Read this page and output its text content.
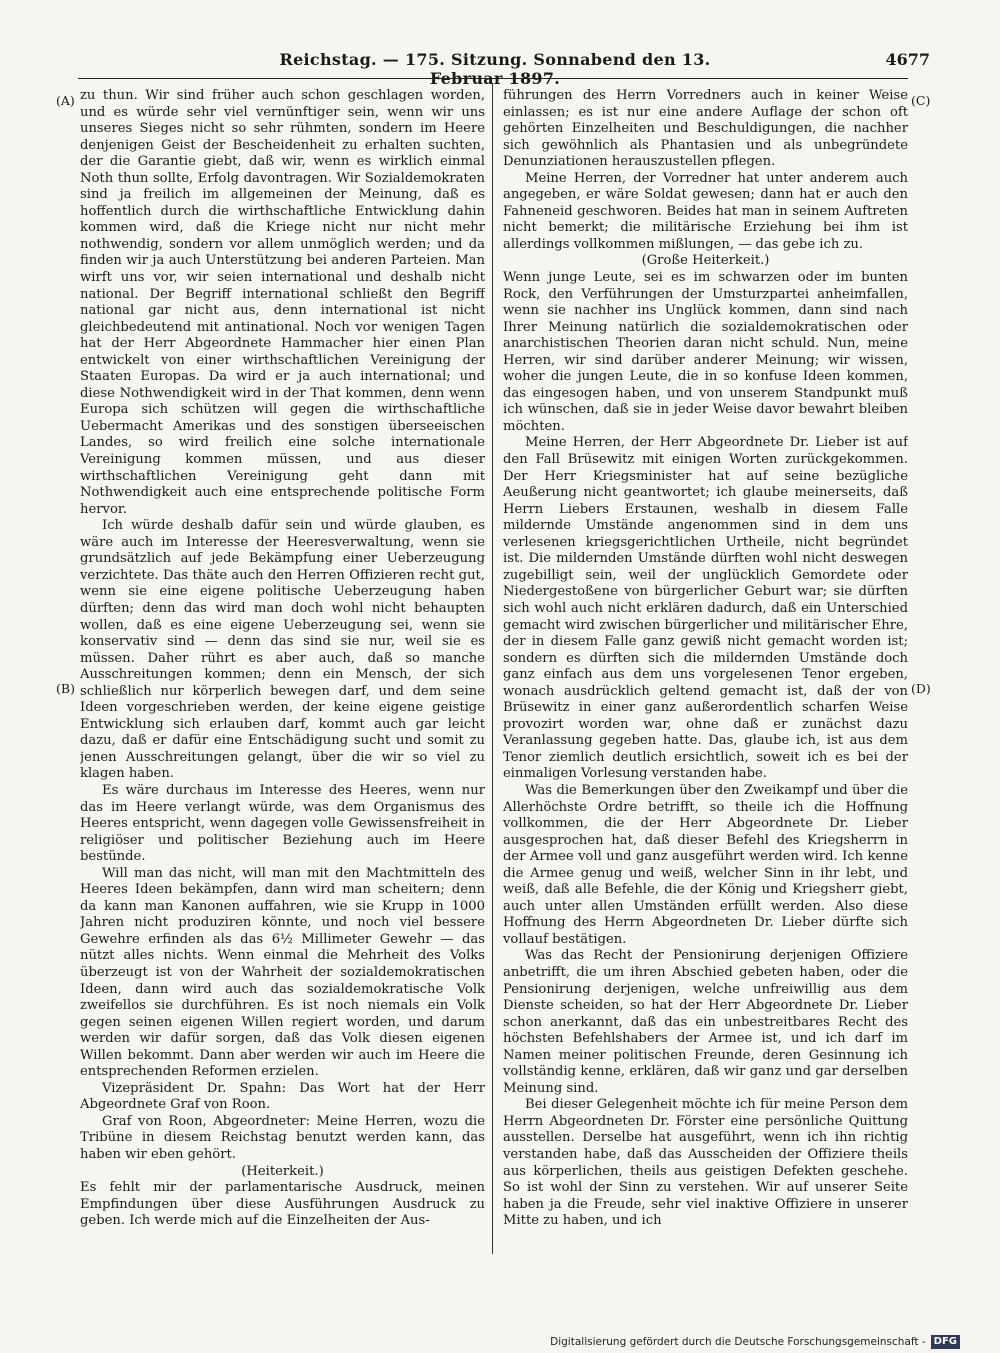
Reichstag. — 175. Sitzung. Sonnabend den 13. Februar 1897.
4677
(A)
(B)
(C)
(D)

zu thun. Wir sind früher auch schon geschlagen worden, und es würde sehr viel vernünftiger sein, wenn wir uns unseres Sieges nicht so sehr rühmten, sondern im Heere denjenigen Geist der Bescheidenheit zu erhalten suchten, der die Garantie giebt, daß wir, wenn es wirklich einmal Noth thun sollte, Erfolg davontragen. Wir Sozialdemokraten sind ja freilich im allgemeinen der Meinung, daß es hoffentlich durch die wirthschaftliche Entwicklung dahin kommen wird, daß die Kriege nicht nur nicht mehr nothwendig, sondern vor allem unmöglich werden; und da finden wir ja auch Unterstützung bei anderen Parteien. Man wirft uns vor, wir seien international und deshalb nicht national. Der Begriff international schließt den Begriff national gar nicht aus, denn international ist nicht gleichbedeutend mit antinational. Noch vor wenigen Tagen hat der Herr Abgeordnete Hammacher hier einen Plan entwickelt von einer wirthschaftlichen Vereinigung der Staaten Europas. Da wird er ja auch international; und diese Nothwendigkeit wird in der That kommen, denn wenn Europa sich schützen will gegen die wirthschaftliche Uebermacht Amerikas und des sonstigen überseeischen Landes, so wird freilich eine solche internationale Vereinigung kommen müssen, und aus dieser wirthschaftlichen Vereinigung geht dann mit Nothwendigkeit auch eine entsprechende politische Form hervor.

Ich würde deshalb dafür sein und würde glauben, es wäre auch im Interesse der Heeresverwaltung, wenn sie grundsätzlich auf jede Bekämpfung einer Ueberzeugung verzichtete. Das thäte auch den Herren Offizieren recht gut, wenn sie eine eigene politische Ueberzeugung haben dürften; denn das wird man doch wohl nicht behaupten wollen, daß es eine eigene Ueberzeugung sei, wenn sie konservativ sind — denn das sind sie nur, weil sie es müssen. Daher rührt es aber auch, daß so manche Ausschreitungen kommen; denn ein Mensch, der sich schließlich nur körperlich bewegen darf, und dem seine Ideen vorgeschrieben werden, der keine eigene geistige Entwicklung sich erlauben darf, kommt auch gar leicht dazu, daß er dafür eine Entschädigung sucht und somit zu jenen Ausschreitungen gelangt, über die wir so viel zu klagen haben.

Es wäre durchaus im Interesse des Heeres, wenn nur das im Heere verlangt würde, was dem Organismus des Heeres entspricht, wenn dagegen volle Gewissensfreiheit in religiöser und politischer Beziehung auch im Heere bestünde.

Will man das nicht, will man mit den Machtmitteln des Heeres Ideen bekämpfen, dann wird man scheitern; denn da kann man Kanonen auffahren, wie sie Krupp in 1000 Jahren nicht produziren könnte, und noch viel bessere Gewehre erfinden als das 6½ Millimeter Gewehr — das nützt alles nichts. Wenn einmal die Mehrheit des Volks überzeugt ist von der Wahrheit der sozialdemokratischen Ideen, dann wird auch das sozialdemokratische Volk zweifellos sie durchführen. Es ist noch niemals ein Volk gegen seinen eigenen Willen regiert worden, und darum werden wir dafür sorgen, daß das Volk diesen eigenen Willen bekommt. Dann aber werden wir auch im Heere die entsprechenden Reformen erzielen.

Vizepräsident Dr. Spahn: Das Wort hat der Herr Abgeordnete Graf von Roon.

Graf von Roon, Abgeordneter: Meine Herren, wozu die Tribüne in diesem Reichstag benutzt werden kann, das haben wir eben gehört.

(Heiterkeit.)

Es fehlt mir der parlamentarische Ausdruck, meinen Empfindungen über diese Ausführungen Ausdruck zu geben. Ich werde mich auf die Einzelheiten der Aus-

führungen des Herrn Vorredners auch in keiner Weise einlassen; es ist nur eine andere Auflage der schon oft gehörten Einzelheiten und Beschuldigungen, die nachher sich gewöhnlich als Phantasien und als unbegründete Denunziationen herauszustellen pflegen.

Meine Herren, der Vorredner hat unter anderem auch angegeben, er wäre Soldat gewesen; dann hat er auch den Fahneneid geschworen. Beides hat man in seinem Auftreten nicht bemerkt; die militärische Erziehung bei ihm ist allerdings vollkommen mißlungen, — das gebe ich zu.

(Große Heiterkeit.)

Wenn junge Leute, sei es im schwarzen oder im bunten Rock, den Verführungen der Umsturzpartei anheimfallen, wenn sie nachher ins Unglück kommen, dann sind nach Ihrer Meinung natürlich die sozialdemokratischen oder anarchistischen Theorien daran nicht schuld. Nun, meine Herren, wir sind darüber anderer Meinung; wir wissen, woher die jungen Leute, die in so konfuse Ideen kommen, das eingesogen haben, und von unserem Standpunkt muß ich wünschen, daß sie in jeder Weise davor bewahrt bleiben möchten.

Meine Herren, der Herr Abgeordnete Dr. Lieber ist auf den Fall Brüsewitz mit einigen Worten zurückgekommen. Der Herr Kriegsminister hat auf seine bezügliche Aeußerung nicht geantwortet; ich glaube meinerseits, daß Herrn Liebers Erstaunen, weshalb in diesem Falle mildernde Umstände angenommen sind in dem uns verlesenen kriegsgerichtlichen Urtheile, nicht begründet ist. Die mildernden Umstände dürften wohl nicht deswegen zugebilligt sein, weil der unglücklich Gemordete oder Niedergestoßene von bürgerlicher Geburt war; sie dürften sich wohl auch nicht erklären dadurch, daß ein Unterschied gemacht wird zwischen bürgerlicher und militärischer Ehre, der in diesem Falle ganz gewiß nicht gemacht worden ist; sondern es dürften sich die mildernden Umstände doch ganz einfach aus dem uns vorgelesenen Tenor ergeben, wonach ausdrücklich geltend gemacht ist, daß der von Brüsewitz in einer ganz außerordentlich scharfen Weise provozirt worden war, ohne daß er zunächst dazu Veranlassung gegeben hatte. Das, glaube ich, ist aus dem Tenor ziemlich deutlich ersichtlich, soweit ich es bei der einmaligen Vorlesung verstanden habe.

Was die Bemerkungen über den Zweikampf und über die Allerhöchste Ordre betrifft, so theile ich die Hoffnung vollkommen, die der Herr Abgeordnete Dr. Lieber ausgesprochen hat, daß dieser Befehl des Kriegsherrn in der Armee voll und ganz ausgeführt werden wird. Ich kenne die Armee genug und weiß, welcher Sinn in ihr lebt, und weiß, daß alle Befehle, die der König und Kriegsherr giebt, auch unter allen Umständen erfüllt werden. Also diese Hoffnung des Herrn Abgeordneten Dr. Lieber dürfte sich vollauf bestätigen.

Was das Recht der Pensionirung derjenigen Offiziere anbetrifft, die um ihren Abschied gebeten haben, oder die Pensionirung derjenigen, welche unfreiwillig aus dem Dienste scheiden, so hat der Herr Abgeordnete Dr. Lieber schon anerkannt, daß das ein unbestreitbares Recht des höchsten Befehlshabers der Armee ist, und ich darf im Namen meiner politischen Freunde, deren Gesinnung ich vollständig kenne, erklären, daß wir ganz und gar derselben Meinung sind.

Bei dieser Gelegenheit möchte ich für meine Person dem Herrn Abgeordneten Dr. Förster eine persönliche Quittung ausstellen. Derselbe hat ausgeführt, wenn ich ihn richtig verstanden habe, daß das Ausscheiden der Offiziere theils aus körperlichen, theils aus geistigen Defekten geschehe. So ist wohl der Sinn zu verstehen. Wir auf unserer Seite haben ja die Freude, sehr viel inaktive Offiziere in unserer Mitte zu haben, und ich

Digitalisierung gefördert durch die Deutsche Forschungsgemeinschaft - DFG
